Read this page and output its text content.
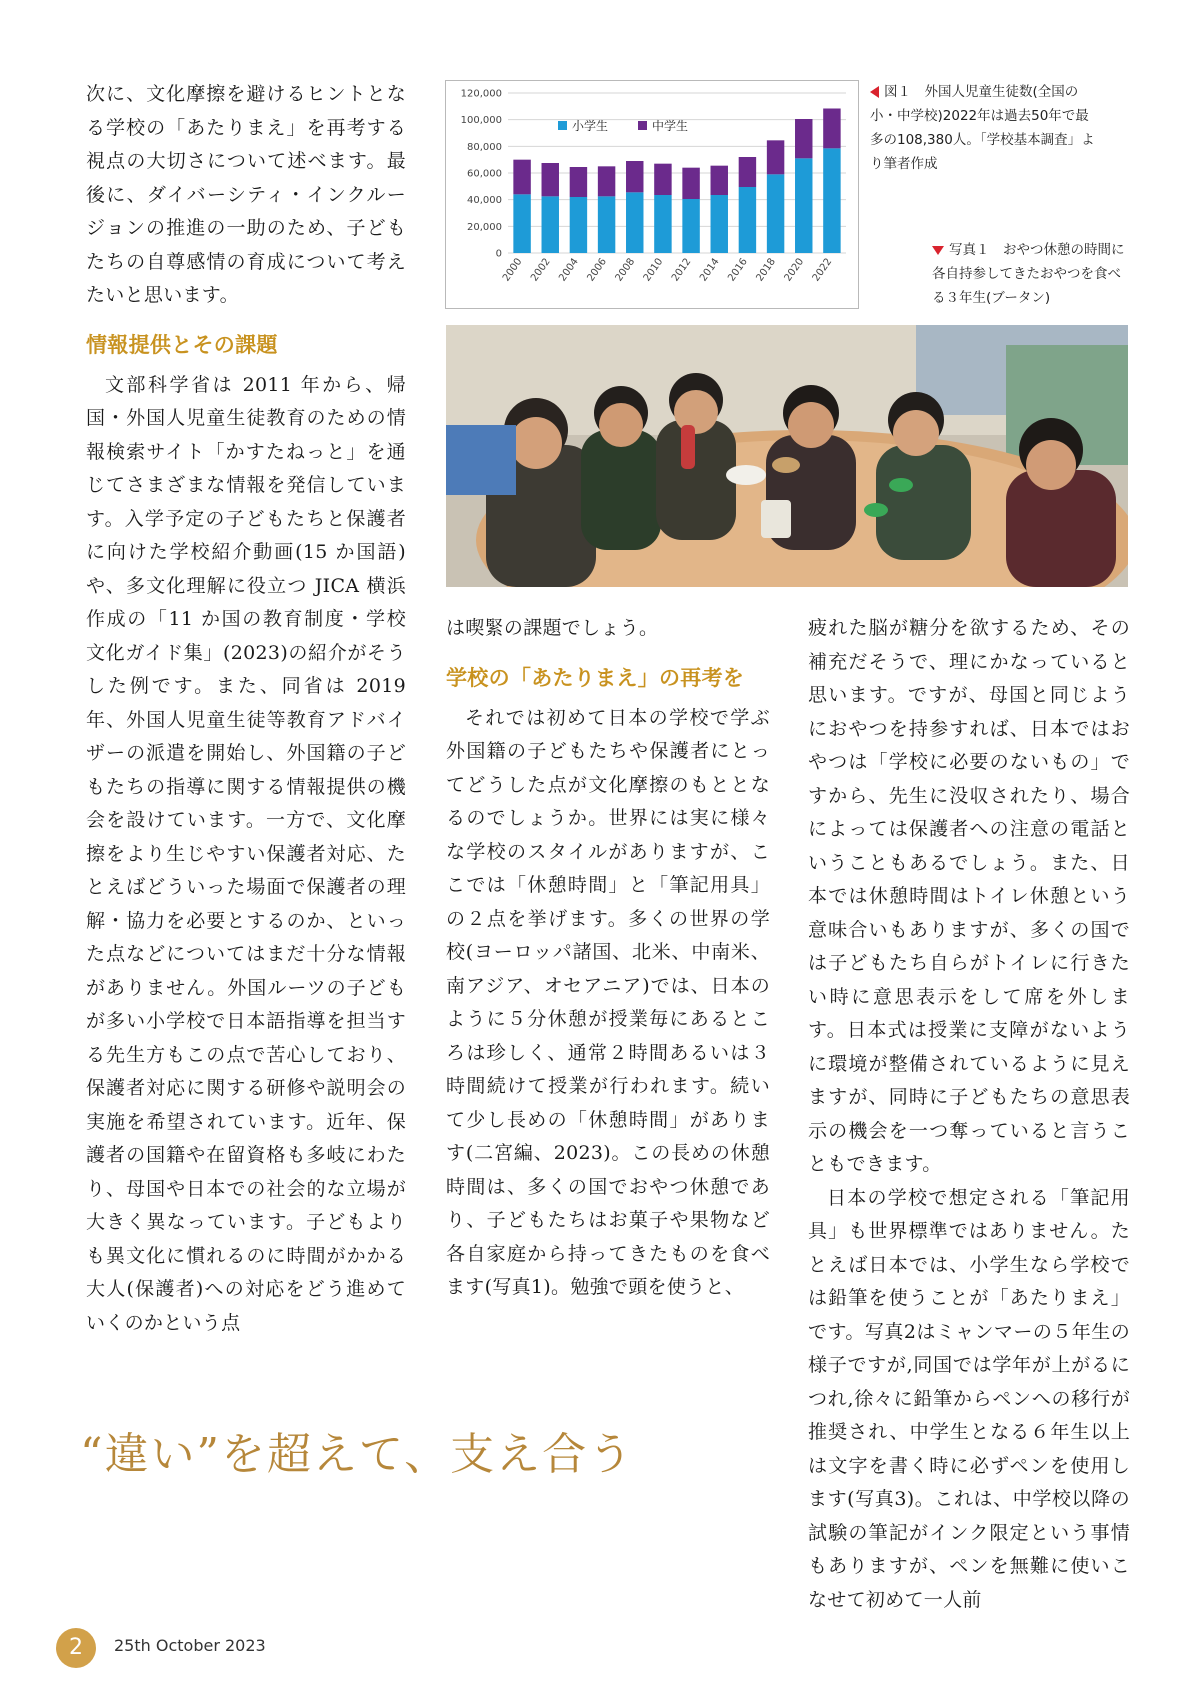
次に、文化摩擦を避けるヒントとなる学校の「あたりまえ」を再考する視点の大切さについて述べます。最後に、ダイバーシティ・インクルージョンの推進の一助のため、子どもたちの自尊感情の育成について考えたいと思います。

情報提供とその課題

文部科学省は 2011 年から、帰国・外国人児童生徒教育のための情報検索サイト「かすたねっと」を通じてさまざまな情報を発信しています。入学予定の子どもたちと保護者に向けた学校紹介動画(15 か国語)や、多文化理解に役立つ JICA 横浜作成の「11 か国の教育制度・学校文化ガイド集」(2023)の紹介がそうした例です。また、同省は 2019 年、外国人児童生徒等教育アドバイザーの派遣を開始し、外国籍の子どもたちの指導に関する情報提供の機会を設けています。一方で、文化摩擦をより生じやすい保護者対応、たとえばどういった場面で保護者の理解・協力を必要とするのか、といった点などについてはまだ十分な情報がありません。外国ルーツの子どもが多い小学校で日本語指導を担当する先生方もこの点で苦心しており、保護者対応に関する研修や説明会の実施を希望されています。近年、保護者の国籍や在留資格も多岐にわたり、母国や日本での社会的な立場が大きく異なっています。子どもよりも異文化に慣れるのに時間がかかる大人(保護者)への対応をどう進めていくのかという点

120,000
100,000
80,000
60,000
40,000
20,000
0
2000 2002 2004 2006 2008 2010 2012 2014 2016 2018 2020 2022
小学生	中学生
図１　外国人児童生徒数(全国の小・中学校)2022年は過去50年で最多の108,380人。「学校基本調査」より筆者作成
写真１　おやつ休憩の時間に各自持参してきたおやつを食べる３年生(ブータン)

は喫緊の課題でしょう。

学校の「あたりまえ」の再考を

それでは初めて日本の学校で学ぶ外国籍の子どもたちや保護者にとってどうした点が文化摩擦のもととなるのでしょうか。世界には実に様々な学校のスタイルがありますが、ここでは「休憩時間」と「筆記用具」の２点を挙げます。多くの世界の学校(ヨーロッパ諸国、北米、中南米、南アジア、オセアニア)では、日本のように５分休憩が授業毎にあるところは珍しく、通常２時間あるいは３時間続けて授業が行われます。続いて少し長めの「休憩時間」があります(二宮編、2023)。この長めの休憩時間は、多くの国でおやつ休憩であり、子どもたちはお菓子や果物など各自家庭から持ってきたものを食べます(写真1)。勉強で頭を使うと、

疲れた脳が糖分を欲するため、その補充だそうで、理にかなっていると思います。ですが、母国と同じようにおやつを持参すれば、日本ではおやつは「学校に必要のないもの」ですから、先生に没収されたり、場合によっては保護者への注意の電話ということもあるでしょう。また、日本では休憩時間はトイレ休憩という意味合いもありますが、多くの国では子どもたち自らがトイレに行きたい時に意思表示をして席を外します。日本式は授業に支障がないように環境が整備されているように見えますが、同時に子どもたちの意思表示の機会を一つ奪っていると言うこともできます。

日本の学校で想定される「筆記用具」も世界標準ではありません。たとえば日本では、小学生なら学校では鉛筆を使うことが「あたりまえ」です。写真2はミャンマーの５年生の様子ですが,同国では学年が上がるにつれ,徐々に鉛筆からペンへの移行が推奨され、中学生となる６年生以上は文字を書く時に必ずペンを使用します(写真3)。これは、中学校以降の試験の筆記がインク限定という事情もありますが、ペンを無難に使いこなせて初めて一人前

“違い”を超えて、支え合う
2	25th October 2023
